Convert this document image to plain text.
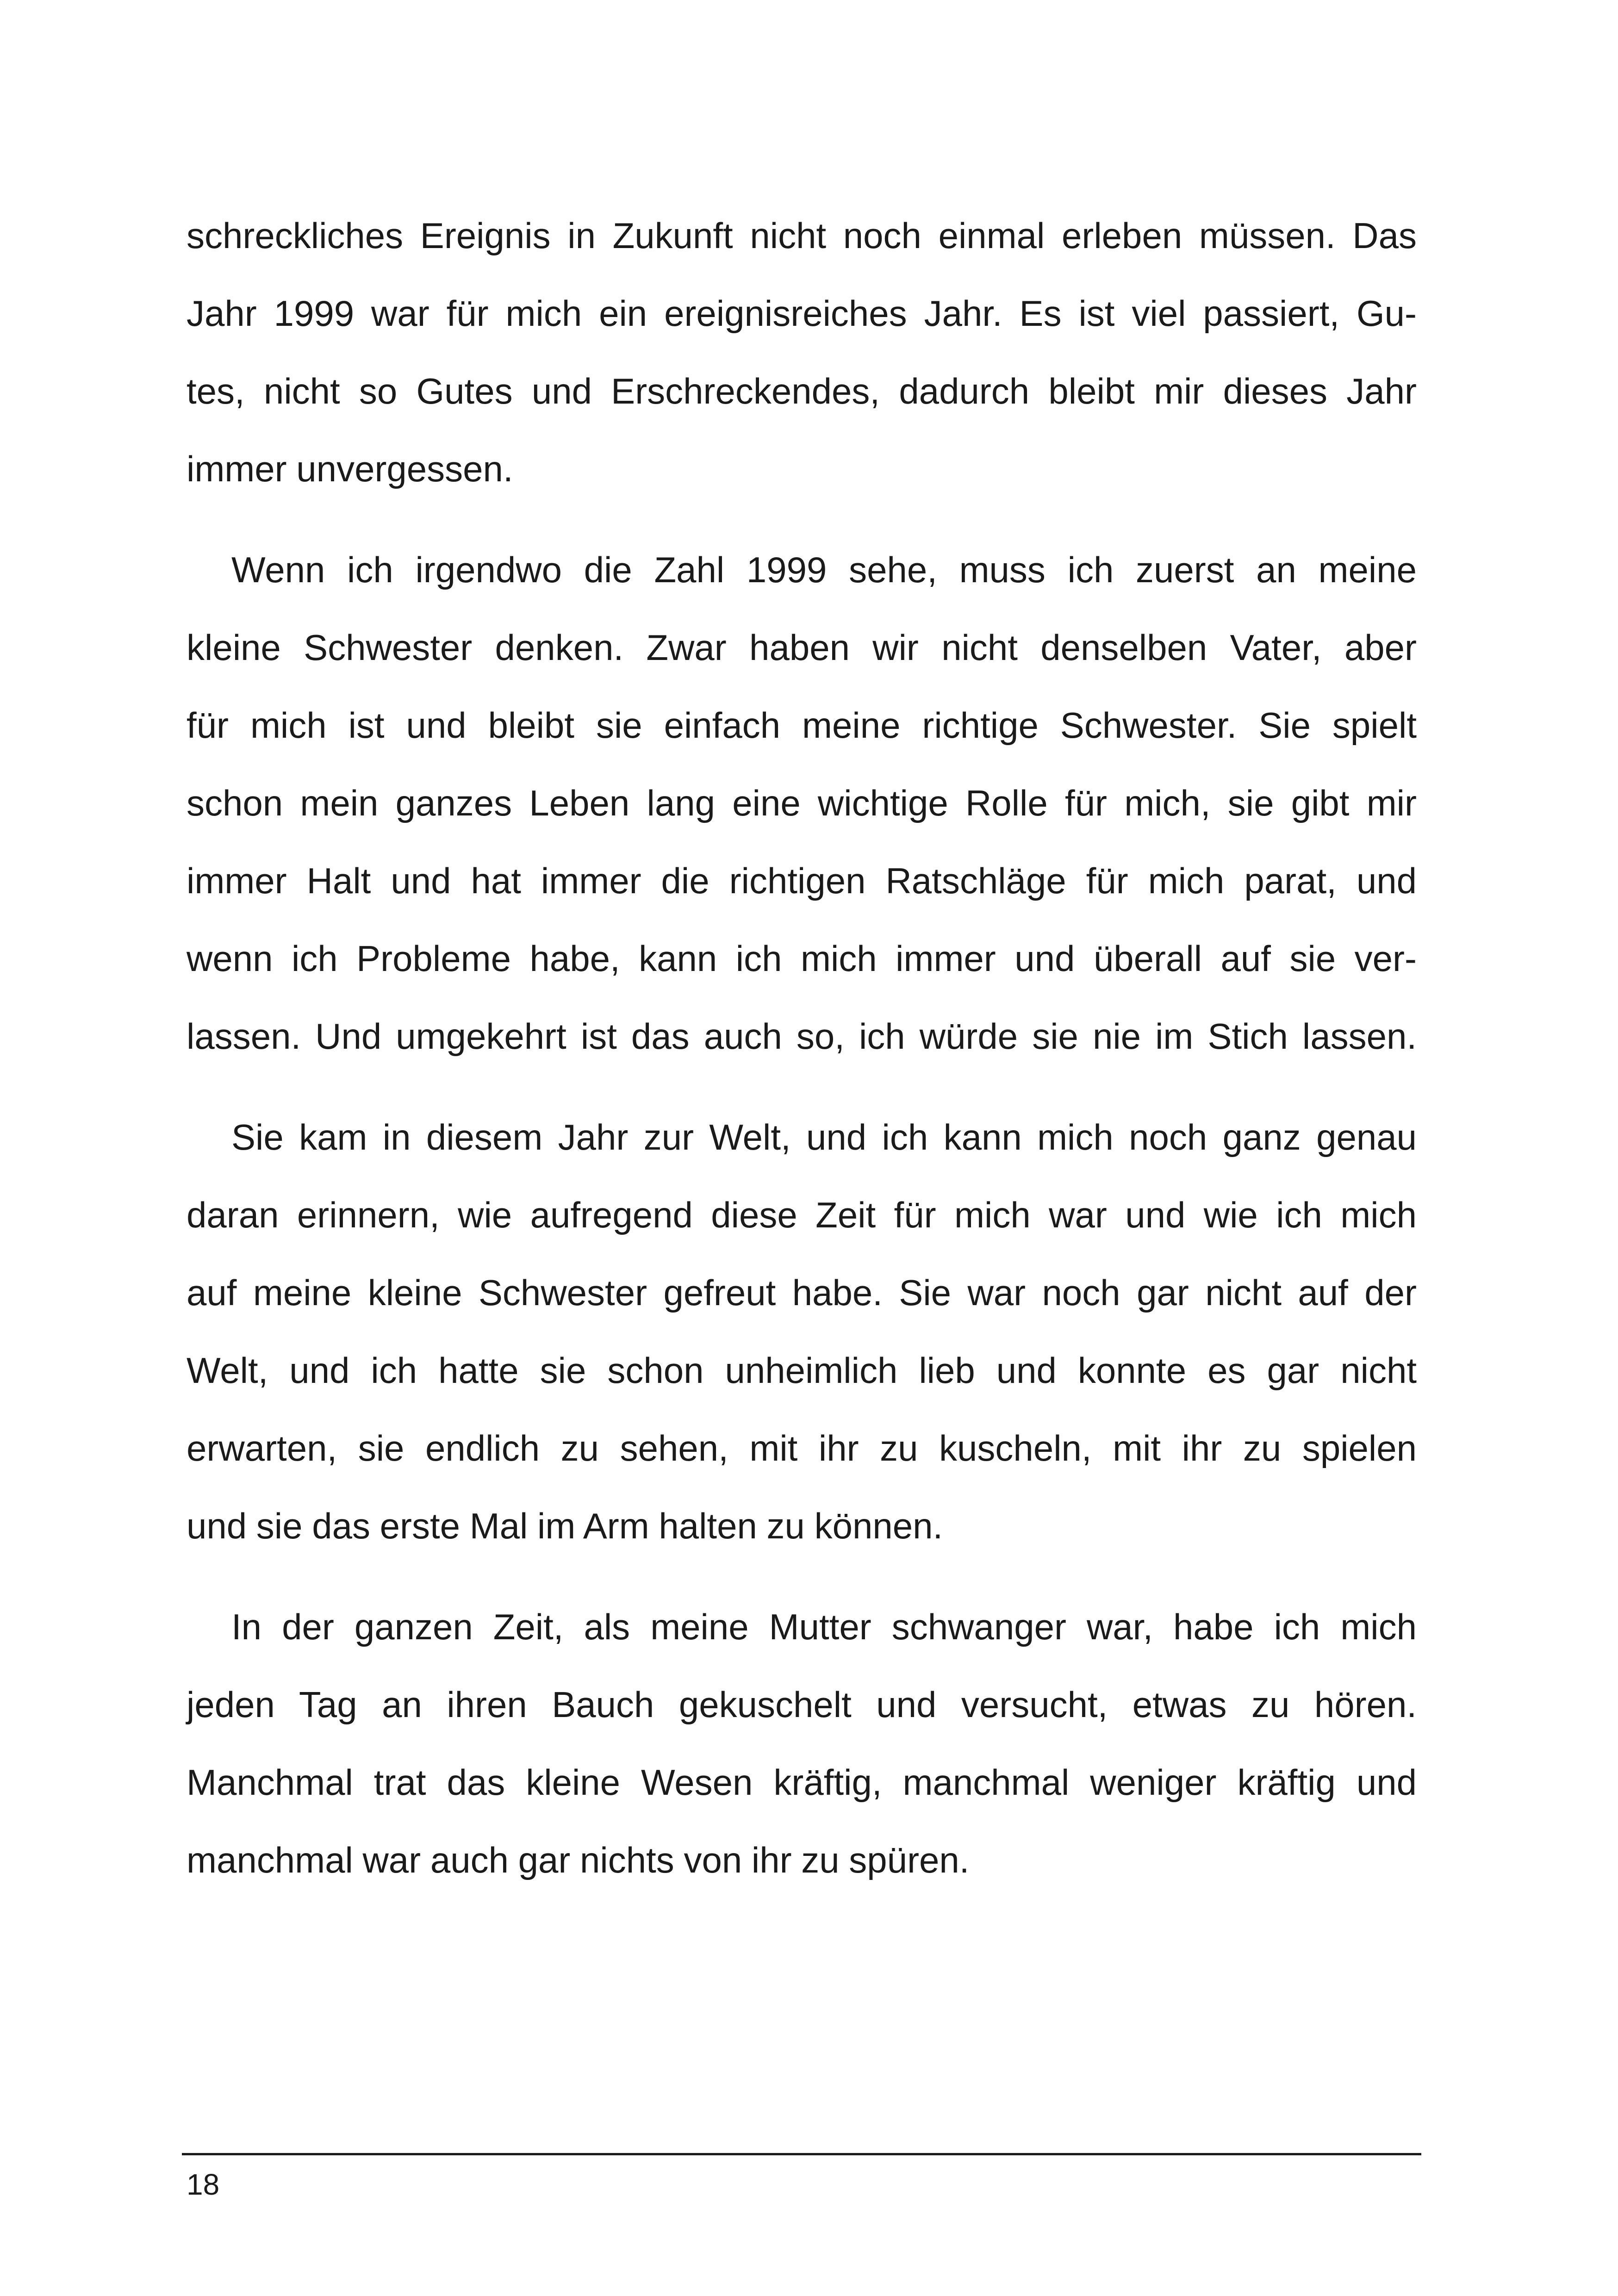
schreckliches Ereignis in Zukunft nicht noch einmal erleben müssen. Das
Jahr 1999 war für mich ein ereignisreiches Jahr. Es ist viel passiert, Gu-
tes, nicht so Gutes und Erschreckendes, dadurch bleibt mir dieses Jahr
immer unvergessen.

Wenn ich irgendwo die Zahl 1999 sehe, muss ich zuerst an meine
kleine Schwester denken. Zwar haben wir nicht denselben Vater, aber
für mich ist und bleibt sie einfach meine richtige Schwester. Sie spielt
schon mein ganzes Leben lang eine wichtige Rolle für mich, sie gibt mir
immer Halt und hat immer die richtigen Ratschläge für mich parat, und
wenn ich Probleme habe, kann ich mich immer und überall auf sie ver-
lassen. Und umgekehrt ist das auch so, ich würde sie nie im Stich lassen.

Sie kam in diesem Jahr zur Welt, und ich kann mich noch ganz genau
daran erinnern, wie aufregend diese Zeit für mich war und wie ich mich
auf meine kleine Schwester gefreut habe. Sie war noch gar nicht auf der
Welt, und ich hatte sie schon unheimlich lieb und konnte es gar nicht
erwarten, sie endlich zu sehen, mit ihr zu kuscheln, mit ihr zu spielen
und sie das erste Mal im Arm halten zu können.

In der ganzen Zeit, als meine Mutter schwanger war, habe ich mich
jeden Tag an ihren Bauch gekuschelt und versucht, etwas zu hören.
Manchmal trat das kleine Wesen kräftig, manchmal weniger kräftig und
manchmal war auch gar nichts von ihr zu spüren.

18
